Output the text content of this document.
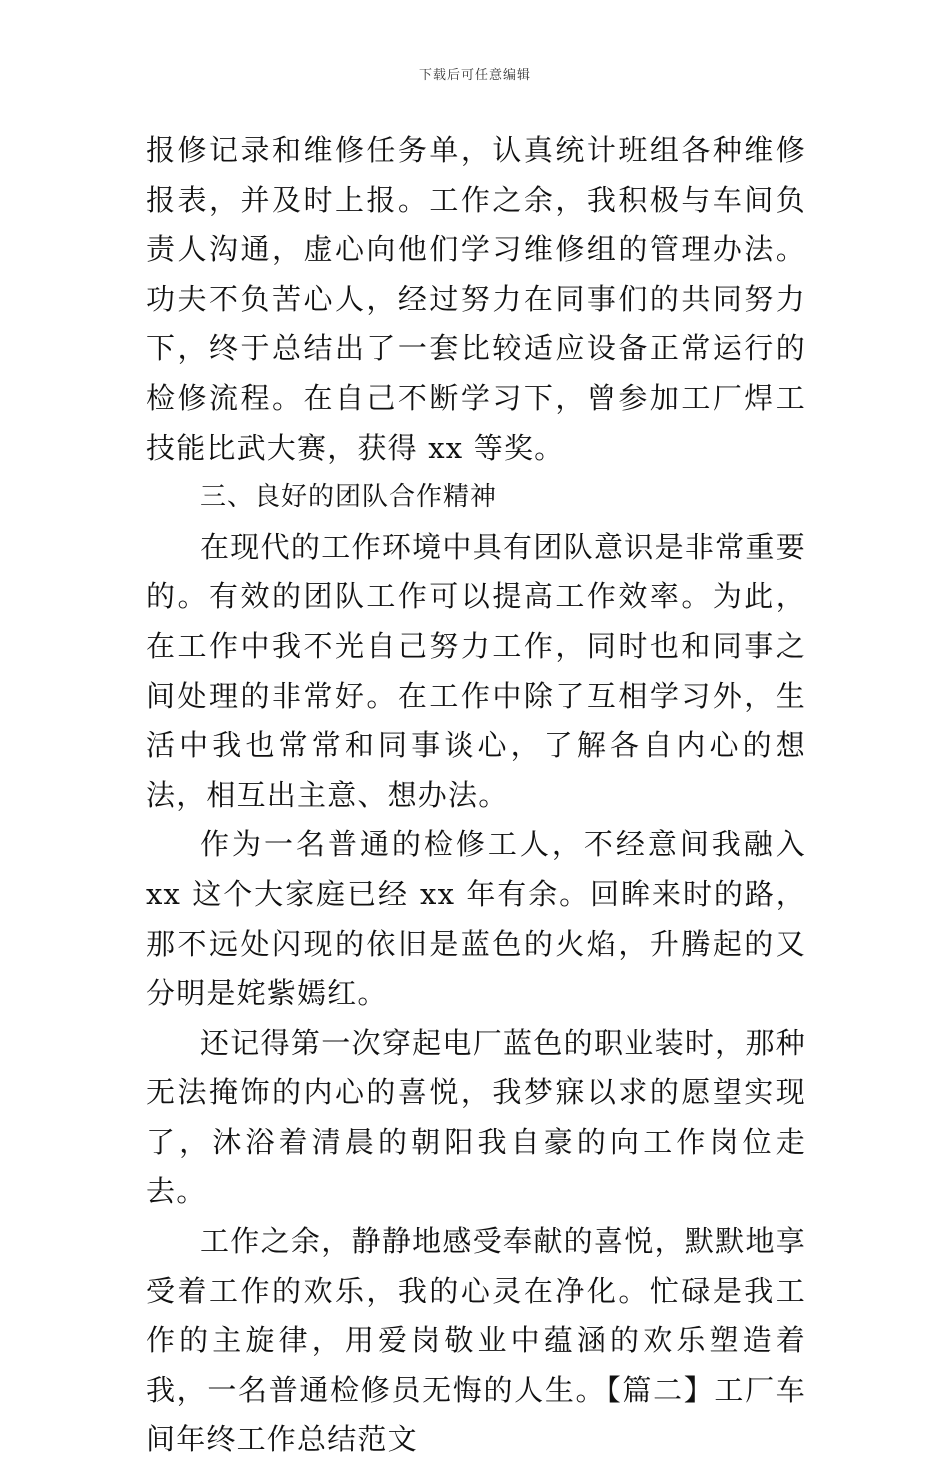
下载后可任意编辑

报修记录和维修任务单，认真统计班组各种维修报表，并及时上报。工作之余，我积极与车间负责人沟通，虚心向他们学习维修组的管理办法。功夫不负苦心人，经过努力在同事们的共同努力下，终于总结出了一套比较适应设备正常运行的检修流程。在自己不断学习下，曾参加工厂焊工技能比武大赛，获得 xx 等奖。

三、良好的团队合作精神

在现代的工作环境中具有团队意识是非常重要的。有效的团队工作可以提高工作效率。为此，在工作中我不光自己努力工作，同时也和同事之间处理的非常好。在工作中除了互相学习外，生活中我也常常和同事谈心，了解各自内心的想法，相互出主意、想办法。

作为一名普通的检修工人，不经意间我融入 xx 这个大家庭已经 xx 年有余。回眸来时的路，那不远处闪现的依旧是蓝色的火焰，升腾起的又分明是姹紫嫣红。

还记得第一次穿起电厂蓝色的职业装时，那种无法掩饰的内心的喜悦，我梦寐以求的愿望实现了，沐浴着清晨的朝阳我自豪的向工作岗位走去。

工作之余，静静地感受奉献的喜悦，默默地享受着工作的欢乐，我的心灵在净化。忙碌是我工作的主旋律，用爱岗敬业中蕴涵的欢乐塑造着我，一名普通检修员无悔的人生。【篇二】工厂车间年终工作总结范文
